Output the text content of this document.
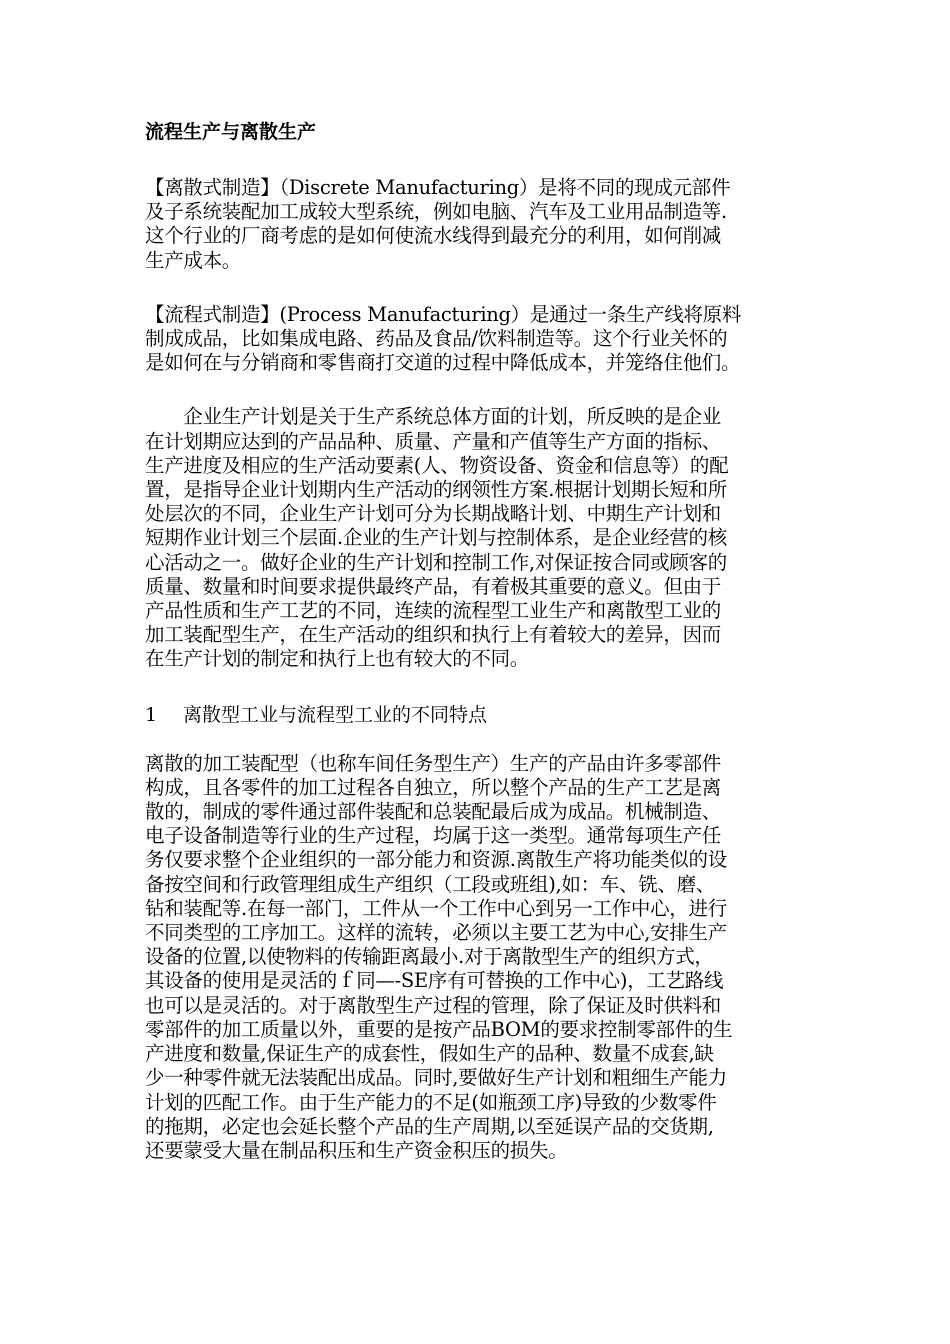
流程生产与离散生产
【离散式制造】（Discrete Manufacturing）是将不同的现成元部件
及子系统装配加工成较大型系统，例如电脑、汽车及工业用品制造等.
这个行业的厂商考虑的是如何使流水线得到最充分的利用，如何削减
生产成本。
【流程式制造】(Process Manufacturing）是通过一条生产线将原料
制成成品，比如集成电路、药品及食品/饮料制造等。这个行业关怀的
是如何在与分销商和零售商打交道的过程中降低成本，并笼络住他们。
　　企业生产计划是关于生产系统总体方面的计划，所反映的是企业
在计划期应达到的产品品种、质量、产量和产值等生产方面的指标、
生产进度及相应的生产活动要素(人、物资设备、资金和信息等）的配
置，是指导企业计划期内生产活动的纲领性方案.根据计划期长短和所
处层次的不同，企业生产计划可分为长期战略计划、中期生产计划和
短期作业计划三个层面.企业的生产计划与控制体系，是企业经营的核
心活动之一。做好企业的生产计划和控制工作,对保证按合同或顾客的
质量、数量和时间要求提供最终产品，有着极其重要的意义。但由于
产品性质和生产工艺的不同，连续的流程型工业生产和离散型工业的
加工装配型生产，在生产活动的组织和执行上有着较大的差异，因而
在生产计划的制定和执行上也有较大的不同。
1 离散型工业与流程型工业的不同特点
离散的加工装配型（也称车间任务型生产）生产的产品由许多零部件
构成，且各零件的加工过程各自独立，所以整个产品的生产工艺是离
散的，制成的零件通过部件装配和总装配最后成为成品。机械制造、
电子设备制造等行业的生产过程，均属于这一类型。通常每项生产任
务仅要求整个企业组织的一部分能力和资源.离散生产将功能类似的设
备按空间和行政管理组成生产组织（工段或班组),如：车、铣、磨、
钻和装配等.在每一部门，工件从一个工作中心到另一工作中心，进行
不同类型的工序加工。这样的流转，必须以主要工艺为中心,安排生产
设备的位置,以使物料的传输距离最小.对于离散型生产的组织方式，
其设备的使用是灵活的ｆ同—-SE序有可替换的工作中心)，工艺路线
也可以是灵活的。对于离散型生产过程的管理，除了保证及时供料和
零部件的加工质量以外，重要的是按产品BOM的要求控制零部件的生
产进度和数量,保证生产的成套性，假如生产的品种、数量不成套,缺
少一种零件就无法装配出成品。同时,要做好生产计划和粗细生产能力
计划的匹配工作。由于生产能力的不足(如瓶颈工序)导致的少数零件
的拖期，必定也会延长整个产品的生产周期,以至延误产品的交货期,
还要蒙受大量在制品积压和生产资金积压的损失。
